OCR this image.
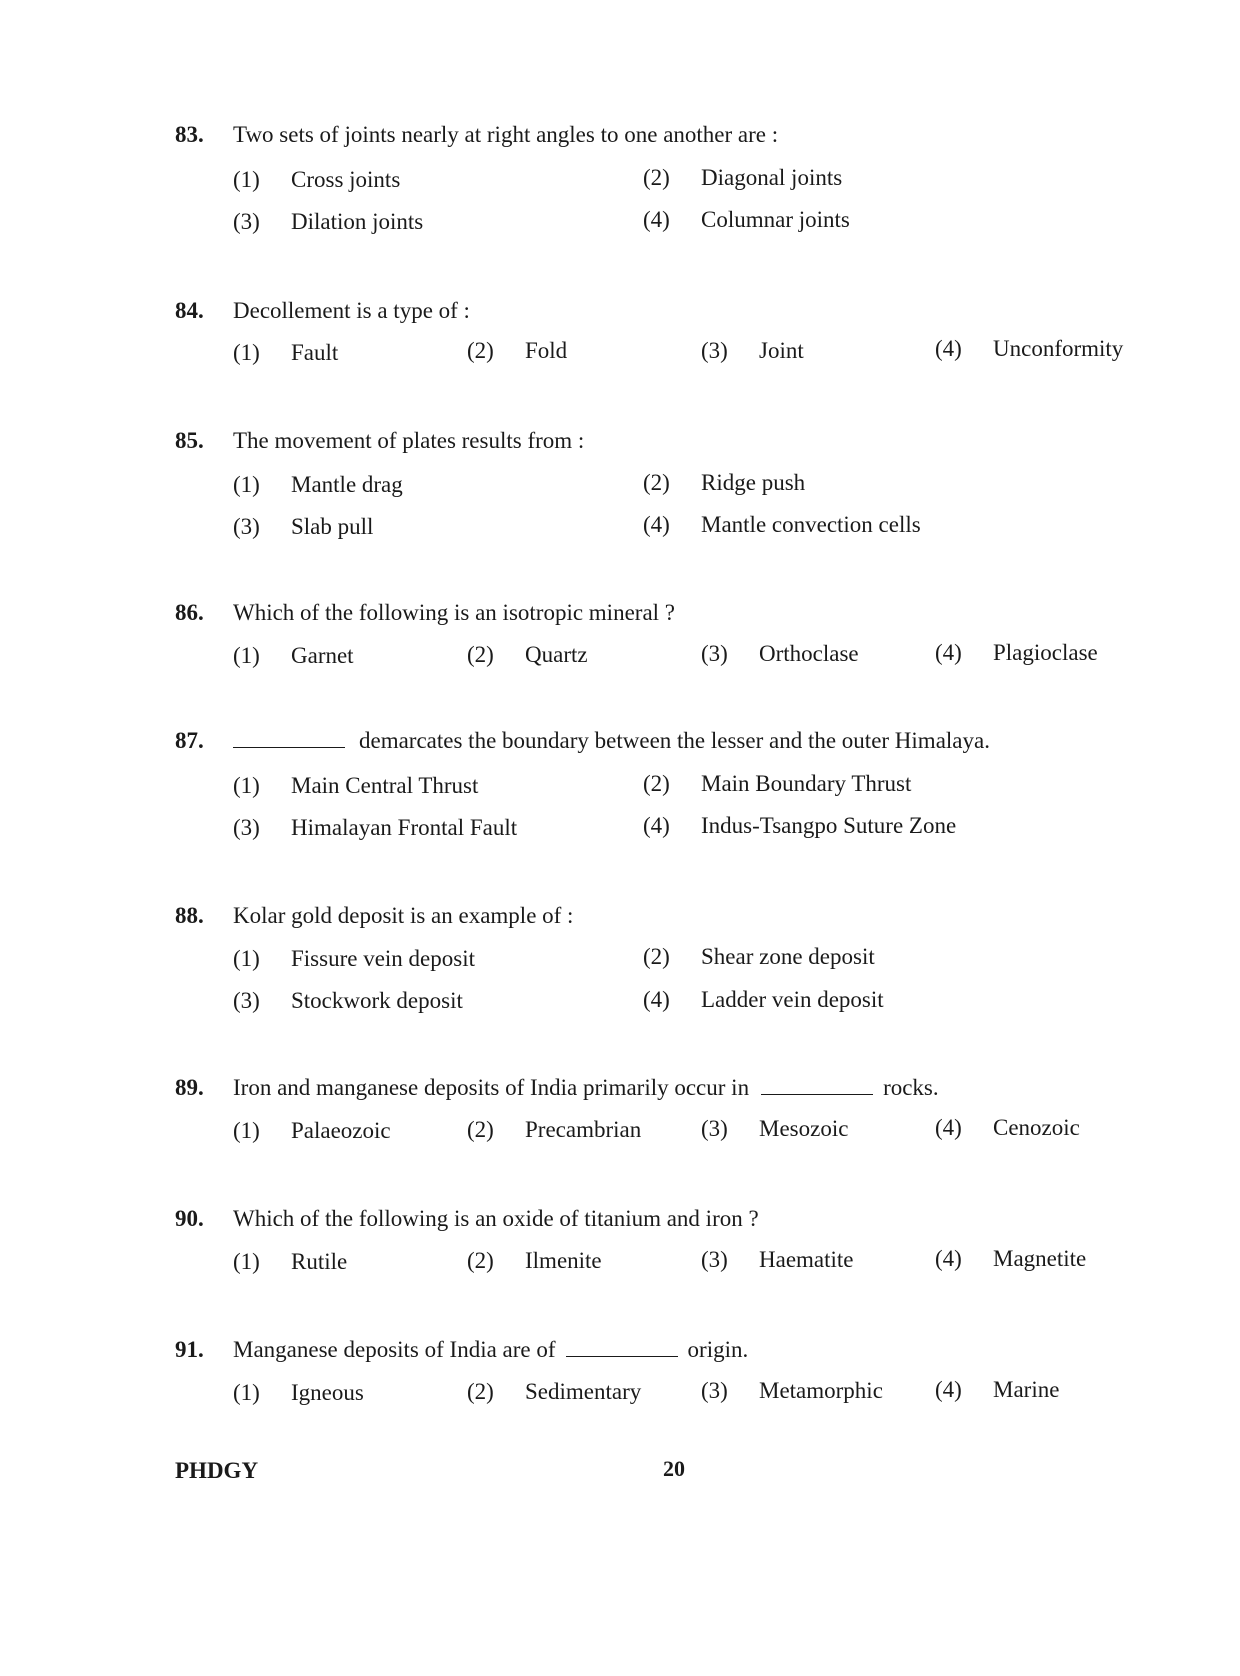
83. Two sets of joints nearly at right angles to one another are :
(1) Cross joints	(2) Diagonal joints
(3) Dilation joints	(4) Columnar joints
84. Decollement is a type of :
(1) Fault	(2) Fold	(3) Joint	(4) Unconformity
85. The movement of plates results from :
(1) Mantle drag	(2) Ridge push
(3) Slab pull	(4) Mantle convection cells
86. Which of the following is an isotropic mineral ?
(1) Garnet	(2) Quartz	(3) Orthoclase	(4) Plagioclase
87.	demarcates the boundary between the lesser and the outer Himalaya.
(1) Main Central Thrust	(2) Main Boundary Thrust
(3) Himalayan Frontal Fault	(4) Indus-Tsangpo Suture Zone
88. Kolar gold deposit is an example of :
(1) Fissure vein deposit	(2) Shear zone deposit
(3) Stockwork deposit	(4) Ladder vein deposit
89. Iron and manganese deposits of India primarily occur in	rocks.
(1) Palaeozoic	(2) Precambrian	(3) Mesozoic	(4) Cenozoic
90. Which of the following is an oxide of titanium and iron ?
(1) Rutile	(2) Ilmenite	(3) Haematite	(4) Magnetite
91. Manganese deposits of India are of	origin.
(1) Igneous	(2) Sedimentary	(3) Metamorphic (4) Marine
PHDGY	20
